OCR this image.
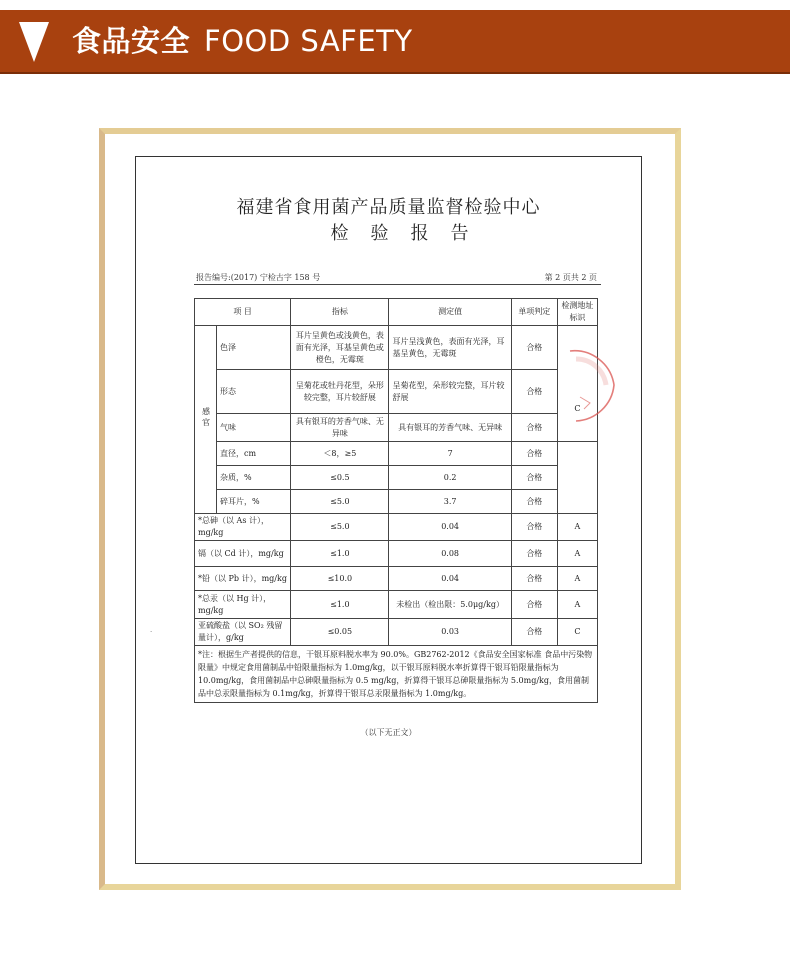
食品安全 FOOD SAFETY
福建省食用菌产品质量监督检验中心
检验报告
报告编号:(2017) 宁检古字 158 号	第 2 页共 2 页
项 目		指标	测定值	单项判定	检测地址标识
感官	色泽	耳片呈黄色或浅黄色，表面有光泽，耳基呈黄色或橙色，无霉斑	耳片呈浅黄色，表面有光泽，耳基呈黄色，无霉斑	合格	C
	形态	呈菊花或牡丹花型，朵形较完整，耳片较舒展	呈菊花型，朵形较完整，耳片较舒展	合格	
	气味	具有银耳的芳香气味、无异味	具有银耳的芳香气味、无异味	合格	
	直径，cm	＜8，≥5	7	合格	
	杂质，%	≤0.5	0.2	合格	
	碎耳片，%	≤5.0	3.7	合格	
*总砷（以 As 计），mg/kg		≤5.0	0.04	合格	A
镉（以 Cd 计），mg/kg		≤1.0	0.08	合格	A
*铅（以 Pb 计），mg/kg		≤10.0	0.04	合格	A
*总汞（以 Hg 计），mg/kg		≤1.0	未检出（检出限：5.0μg/kg）	合格	A
亚硫酸盐（以 SO₂ 残留量计），g/kg		≤0.05	0.03	合格	C
*注：根据生产者提供的信息，干银耳原料脱水率为 90.0%。GB2762-2012《食品安全国家标准 食品中污染物限量》中规定食用菌制品中铅限量指标为 1.0mg/kg，以干银耳原料脱水率折算得干银耳铅限量指标为 10.0mg/kg，食用菌制品中总砷限量指标为 0.5 mg/kg，折算得干银耳总砷限量指标为 5.0mg/kg，食用菌制品中总汞限量指标为 0.1mg/kg，折算得干银耳总汞限量指标为 1.0mg/kg。					
（以下无正文）
·
